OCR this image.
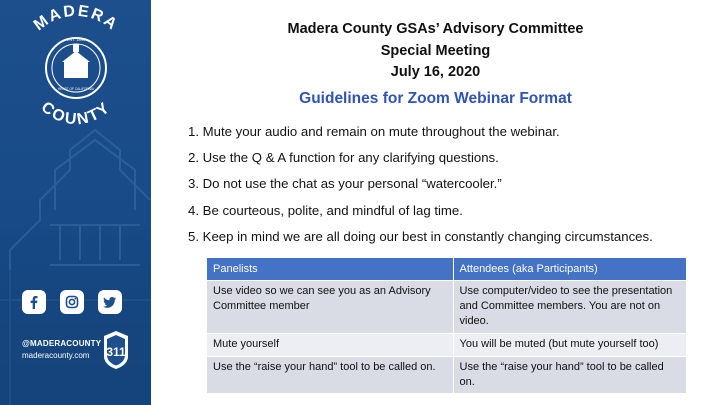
MADERA
COUNTY
EST. 1893
HEART OF CALIFORNIA
@MADERACOUNTY
maderacounty.com 311
Madera County GSAs’ Advisory Committee
Special Meeting
July 16, 2020
Guidelines for Zoom Webinar Format
1. Mute your audio and remain on mute throughout the webinar.
2. Use the Q & A function for any clarifying questions.
3. Do not use the chat as your personal “watercooler.”
4. Be courteous, polite, and mindful of lag time.
5. Keep in mind we are all doing our best in constantly changing circumstances.
Panelists	Attendees (aka Participants)
Use video so we can see you as an Advisory Committee member	Use computer/video to see the presentation and Committee members. You are not on video.
Mute yourself	You will be muted (but mute yourself too)
Use the “raise your hand” tool to be called on.	Use the “raise your hand” tool to be called on.
